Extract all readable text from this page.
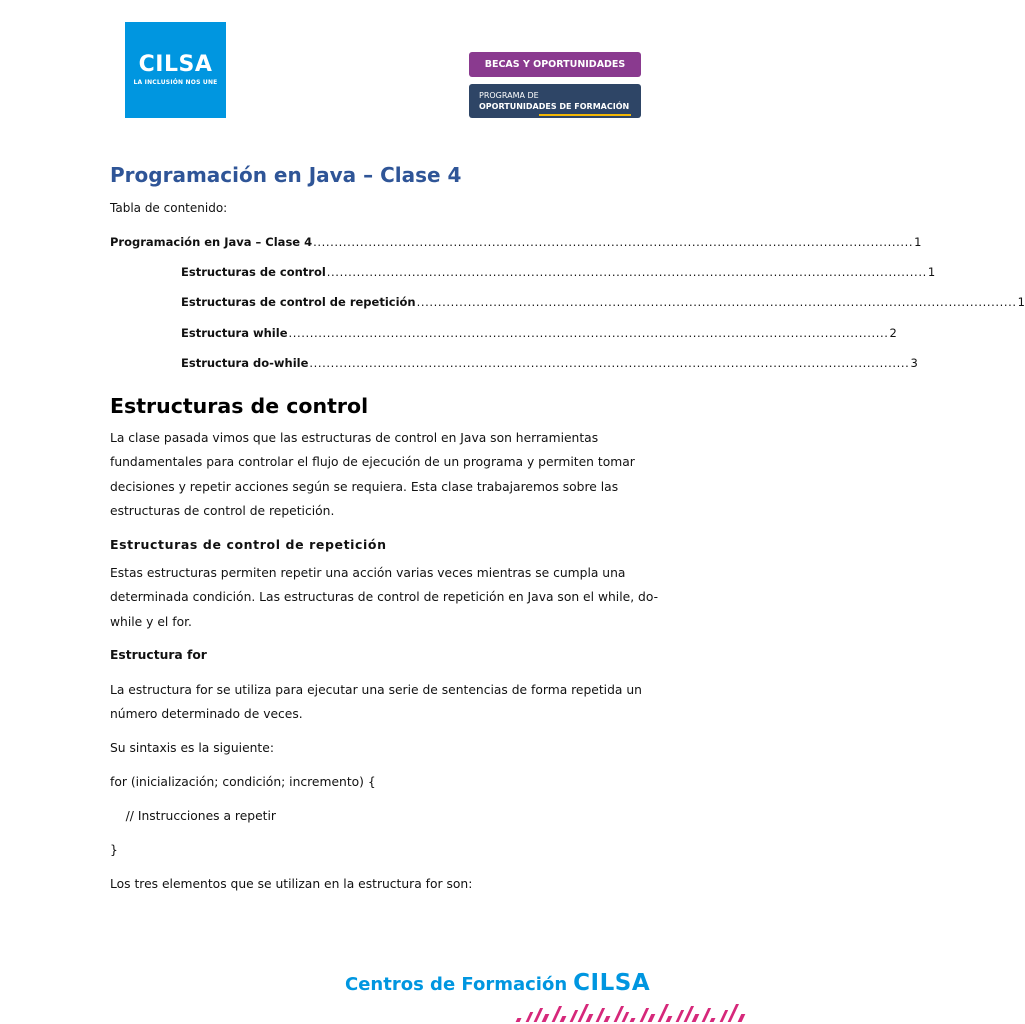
CILSA
LA INCLUSIÓN NOS UNE
BECAS Y OPORTUNIDADES
PROGRAMA DE
OPORTUNIDADES DE FORMACIÓN
Programación en Java – Clase 4
Tabla de contenido:
Programación en Java – Clase 4 ............................................................................................................................................. 1
Estructuras de control ............................................................................................................................................. 1
Estructuras de control de repetición ............................................................................................................................................. 1
Estructura while ............................................................................................................................................. 2
Estructura do-while ............................................................................................................................................. 3
Estructuras de control

La clase pasada vimos que las estructuras de control en Java son herramientas fundamentales para controlar el flujo de ejecución de un programa y permiten tomar decisiones y repetir acciones según se requiera. Esta clase trabajaremos sobre las estructuras de control de repetición.

Estructuras de control de repetición

Estas estructuras permiten repetir una acción varias veces mientras se cumpla una determinada condición. Las estructuras de control de repetición en Java son el while, do-while y el for.

Estructura for

La estructura for se utiliza para ejecutar una serie de sentencias de forma repetida un número determinado de veces.

Su sintaxis es la siguiente:

for (inicialización; condición; incremento) {

// Instrucciones a repetir

}

Los tres elementos que se utilizan en la estructura for son:

Centros de Formación CILSA
